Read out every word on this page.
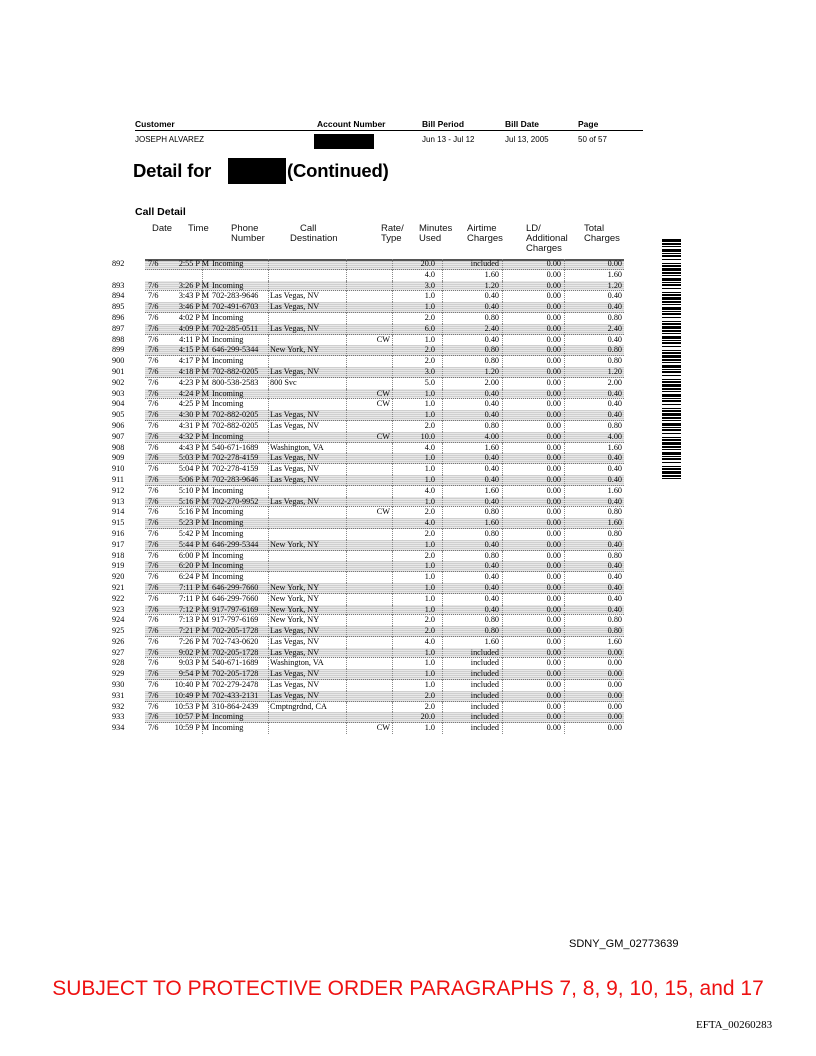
Customer	Account Number	Bill Period	Bill Date	Page
JOSEPH ALVAREZ	Jun 13 - Jul 12	Jul 13, 2005	50 of 57
Detail for	(Continued)
Call Detail
Date Time Phone
Number
Call
Destination
Rate/
Type
Minutes
Used
Airtime
Charges
LD/
Additional
Charges
Total
Charges
892	7/6	2:55 P M Incoming	20.0	included	0.00	0.00
4.0	1.60	0.00	1.60
893	7/6	3:26 P M Incoming	3.0	1.20	0.00	1.20
894	7/6	3:43 P M 702-283-9646 Las Vegas, NV	1.0	0.40	0.00	0.40
895	7/6	3:46 P M 702-491-6703 Las Vegas, NV	1.0	0.40	0.00	0.40
896	7/6	4:02 P M Incoming	2.0	0.80	0.00	0.80
897	7/6	4:09 P M 702-285-0511 Las Vegas, NV	6.0	2.40	0.00	2.40
898	7/6	4:11 P M Incoming	CW	1.0	0.40	0.00	0.40
899	7/6	4:15 P M 646-299-5344 New York, NY	2.0	0.80	0.00	0.80
900	7/6	4:17 P M Incoming	2.0	0.80	0.00	0.80
901	7/6	4:18 P M 702-882-0205 Las Vegas, NV	3.0	1.20	0.00	1.20
902	7/6	4:23 P M 800-538-2583 800 Svc	5.0	2.00	0.00	2.00
903	7/6	4:24 P M Incoming	CW	1.0	0.40	0.00	0.40
904	7/6	4:25 P M Incoming	CW	1.0	0.40	0.00	0.40
905	7/6	4:30 P M 702-882-0205 Las Vegas, NV	1.0	0.40	0.00	0.40
906	7/6	4:31 P M 702-882-0205 Las Vegas, NV	2.0	0.80	0.00	0.80
907	7/6	4:32 P M Incoming	CW	10.0	4.00	0.00	4.00
908	7/6	4:43 P M 540-671-1689 Washington, VA	4.0	1.60	0.00	1.60
909	7/6	5:03 P M 702-278-4159 Las Vegas, NV	1.0	0.40	0.00	0.40
910	7/6	5:04 P M 702-278-4159 Las Vegas, NV	1.0	0.40	0.00	0.40
911	7/6	5:06 P M 702-283-9646 Las Vegas, NV	1.0	0.40	0.00	0.40
912	7/6	5:10 P M Incoming	4.0	1.60	0.00	1.60
913	7/6	5:16 P M 702-270-9952 Las Vegas, NV	1.0	0.40	0.00	0.40
914	7/6	5:16 P M Incoming	CW	2.0	0.80	0.00	0.80
915	7/6	5:23 P M Incoming	4.0	1.60	0.00	1.60
916	7/6	5:42 P M Incoming	2.0	0.80	0.00	0.80
917	7/6	5:44 P M 646-299-5344 New York, NY	1.0	0.40	0.00	0.40
918	7/6	6:00 P M Incoming	2.0	0.80	0.00	0.80
919	7/6	6:20 P M Incoming	1.0	0.40	0.00	0.40
920	7/6	6:24 P M Incoming	1.0	0.40	0.00	0.40
921	7/6	7:11 P M 646-299-7660 New York, NY	1.0	0.40	0.00	0.40
922	7/6	7:11 P M 646-299-7660 New York, NY	1.0	0.40	0.00	0.40
923	7/6	7:12 P M 917-797-6169 New York, NY	1.0	0.40	0.00	0.40
924	7/6	7:13 P M 917-797-6169 New York, NY	2.0	0.80	0.00	0.80
925	7/6	7:21 P M 702-205-1728 Las Vegas, NV	2.0	0.80	0.00	0.80
926	7/6	7:26 P M 702-743-0620 Las Vegas, NV	4.0	1.60	0.00	1.60
927	7/6	9:02 P M 702-205-1728 Las Vegas, NV	1.0	included	0.00	0.00
928	7/6	9:03 P M 540-671-1689 Washington, VA	1.0	included	0.00	0.00
929	7/6	9:54 P M 702-205-1728 Las Vegas, NV	1.0	included	0.00	0.00
930	7/6	10:40 P M 702-279-2478 Las Vegas, NV	1.0	included	0.00	0.00
931	7/6	10:49 P M 702-433-2131 Las Vegas, NV	2.0	included	0.00	0.00
932	7/6	10:53 P M 310-864-2439 Cmptngrdnd, CA	2.0	included	0.00	0.00
933	7/6	10:57 P M Incoming	20.0	included	0.00	0.00
934	7/6	10:59 P M Incoming	CW	1.0	included	0.00	0.00
SDNY_GM_02773639
SUBJECT TO PROTECTIVE ORDER PARAGRAPHS 7, 8, 9, 10, 15, and 17
EFTA_00260283
